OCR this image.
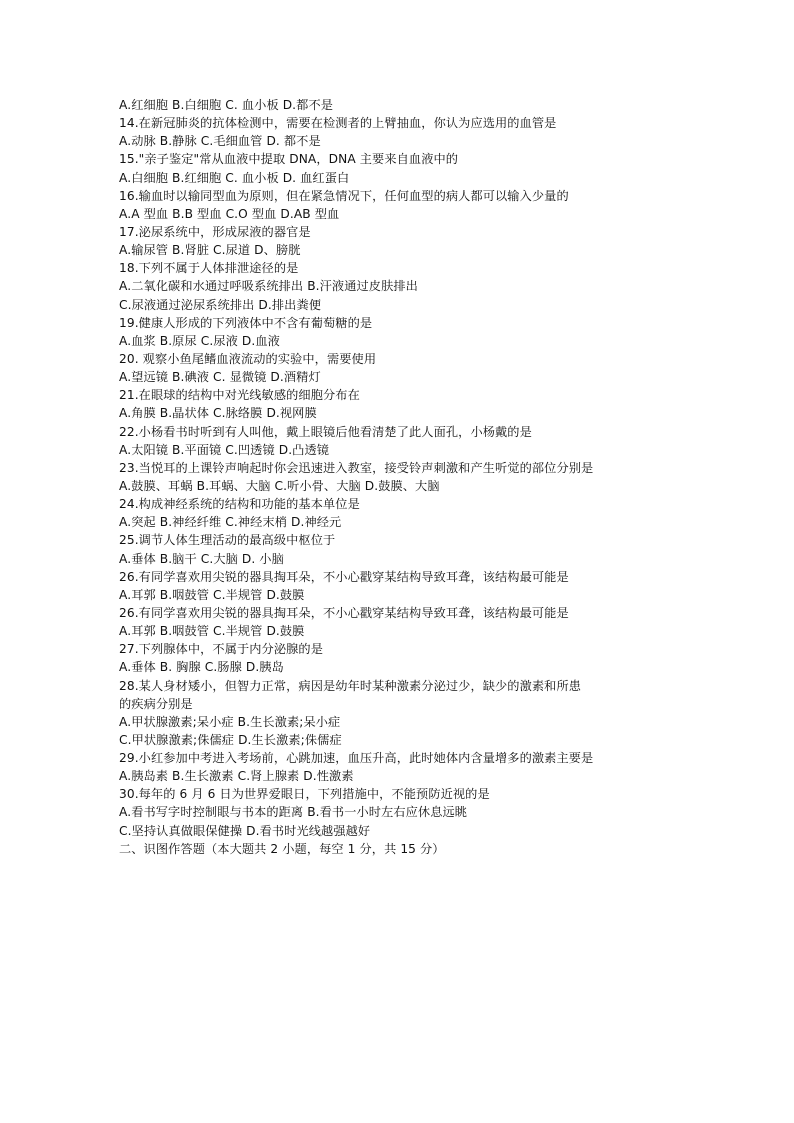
A.红细胞 B.白细胞 C. 血小板 D.都不是
14.在新冠肺炎的抗体检测中，需要在检测者的上臂抽血，你认为应选用的血管是
A.动脉 B.静脉 C.毛细血管 D. 都不是
15."亲子鉴定"常从血液中提取 DNA，DNA 主要来自血液中的
A.白细胞 B.红细胞 C. 血小板 D. 血红蛋白
16.输血时以输同型血为原则，但在紧急情况下，任何血型的病人都可以输入少量的
A.A 型血 B.B 型血 C.O 型血 D.AB 型血
17.泌尿系统中，形成尿液的器官是
A.输尿管 B.肾脏 C.尿道 D、膀胱
18.下列不属于人体排泄途径的是
A.二氧化碳和水通过呼吸系统排出 B.汗液通过皮肤排出
C.尿液通过泌尿系统排出 D.排出粪便
19.健康人形成的下列液体中不含有葡萄糖的是
A.血浆 B.原尿 C.尿液 D.血液
20. 观察小鱼尾鳍血液流动的实验中，需要使用
A.望远镜 B.碘液 C. 显微镜 D.酒精灯
21.在眼球的结构中对光线敏感的细胞分布在
A.角膜 B.晶状体 C.脉络膜 D.视网膜
22.小杨看书时听到有人叫他，戴上眼镜后他看清楚了此人面孔，小杨戴的是
A.太阳镜 B.平面镜 C.凹透镜 D.凸透镜
23.当悦耳的上课铃声响起时你会迅速进入教室，接受铃声刺激和产生听觉的部位分别是
A.鼓膜、耳蜗 B.耳蜗、大脑 C.听小骨、大脑 D.鼓膜、大脑
24.构成神经系统的结构和功能的基本单位是
A.突起 B.神经纤维 C.神经末梢 D.神经元
25.调节人体生理活动的最高级中枢位于
A.垂体 B.脑干 C.大脑 D. 小脑
26.有同学喜欢用尖锐的器具掏耳朵，不小心戳穿某结构导致耳聋，该结构最可能是
A.耳郭 B.咽鼓管 C.半规管 D.鼓膜
26.有同学喜欢用尖锐的器具掏耳朵，不小心戳穿某结构导致耳聋，该结构最可能是
A.耳郭 B.咽鼓管 C.半规管 D.鼓膜
27.下列腺体中，不属于内分泌腺的是
A.垂体 B. 胸腺 C.肠腺 D.胰岛
28.某人身材矮小，但智力正常，病因是幼年时某种激素分泌过少，缺少的激素和所患
的疾病分别是
A.甲状腺激素;呆小症 B.生长激素;呆小症
C.甲状腺激素;侏儒症 D.生长激素;侏儒症
29.小红参加中考进入考场前，心跳加速，血压升高，此时她体内含量增多的激素主要是
A.胰岛素 B.生长激素 C.肾上腺素 D.性激素
30.每年的 6 月 6 日为世界爱眼日，下列措施中，不能预防近视的是
A.看书写字时控制眼与书本的距离 B.看书一小时左右应休息远眺
C.坚持认真做眼保健操 D.看书时光线越强越好
二、识图作答题（本大题共 2 小题，每空 1 分，共 15 分）
